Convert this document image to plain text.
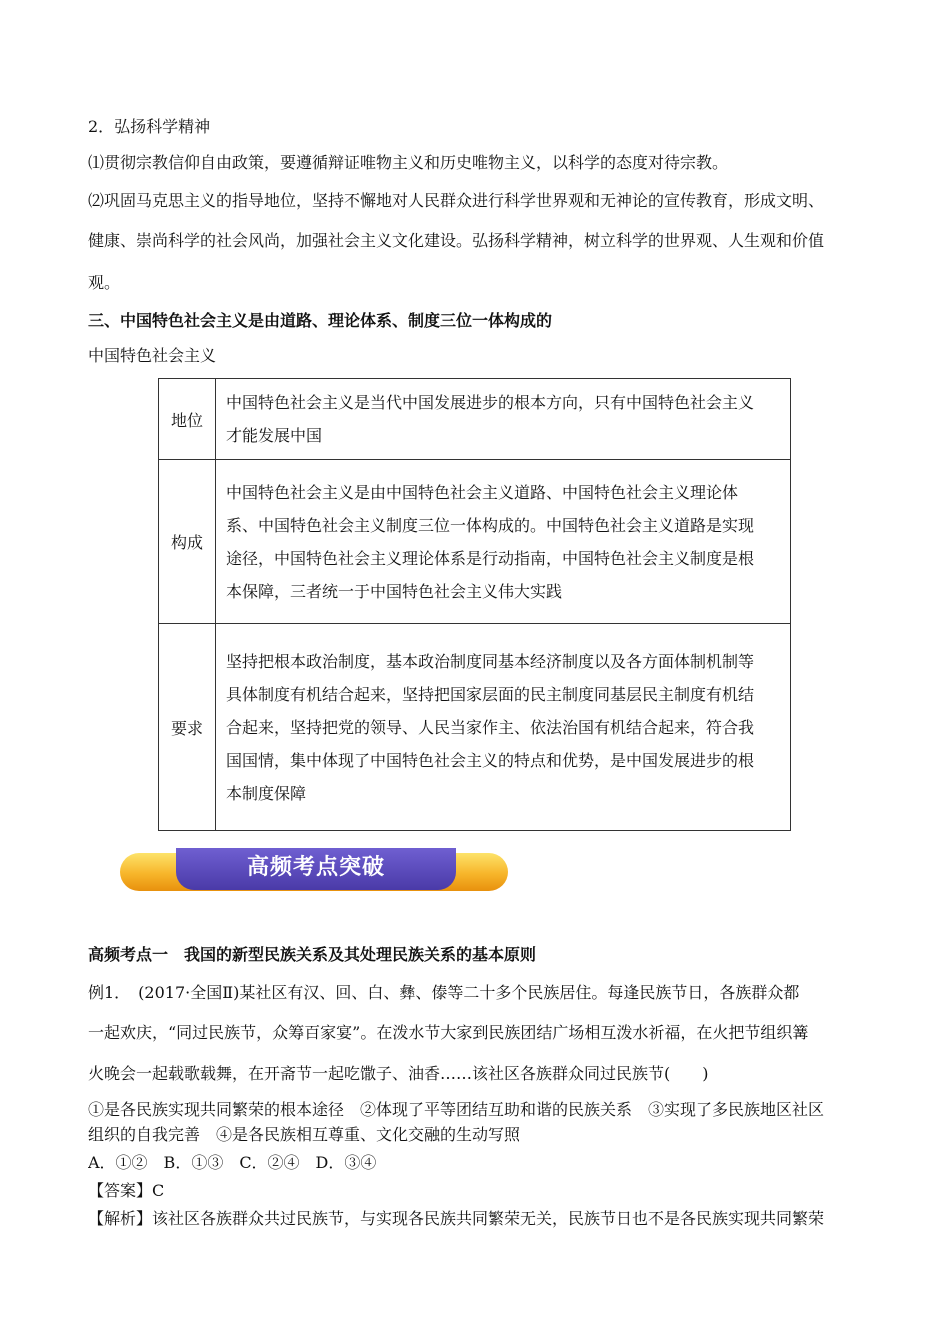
2．弘扬科学精神
⑴贯彻宗教信仰自由政策，要遵循辩证唯物主义和历史唯物主义，以科学的态度对待宗教。
⑵巩固马克思主义的指导地位，坚持不懈地对人民群众进行科学世界观和无神论的宣传教育，形成文明、
健康、崇尚科学的社会风尚，加强社会主义文化建设。弘扬科学精神，树立科学的世界观、人生观和价值
观。
三、中国特色社会主义是由道路、理论体系、制度三位一体构成的
中国特色社会主义
地位	中国特色社会主义是当代中国发展进步的根本方向，只有中国特色社会主义
才能发展中国

构成	中国特色社会主义是由中国特色社会主义道路、中国特色社会主义理论体
系、中国特色社会主义制度三位一体构成的。中国特色社会主义道路是实现
途径，中国特色社会主义理论体系是行动指南，中国特色社会主义制度是根
本保障，三者统一于中国特色社会主义伟大实践

要求	坚持把根本政治制度，基本政治制度同基本经济制度以及各方面体制机制等
具体制度有机结合起来，坚持把国家层面的民主制度同基层民主制度有机结
合起来，坚持把党的领导、人民当家作主、依法治国有机结合起来，符合我
国国情，集中体现了中国特色社会主义的特点和优势，是中国发展进步的根
本制度保障
高频考点突破
高频考点一　我国的新型民族关系及其处理民族关系的基本原则
例1．　(2017·全国Ⅱ)某社区有汉、回、白、彝、傣等二十多个民族居住。每逢民族节日，各族群众都
一起欢庆，“同过民族节，众筹百家宴”。在泼水节大家到民族团结广场相互泼水祈福，在火把节组织篝
火晚会一起载歌载舞，在开斋节一起吃馓子、油香……该社区各族群众同过民族节(　　)
①是各民族实现共同繁荣的根本途径　②体现了平等团结互助和谐的民族关系　③实现了多民族地区社区
组织的自我完善　④是各民族相互尊重、文化交融的生动写照
A．①②　B．①③　C．②④　D．③④
【答案】C
【解析】该社区各族群众共过民族节，与实现各民族共同繁荣无关，民族节日也不是各民族实现共同繁荣
